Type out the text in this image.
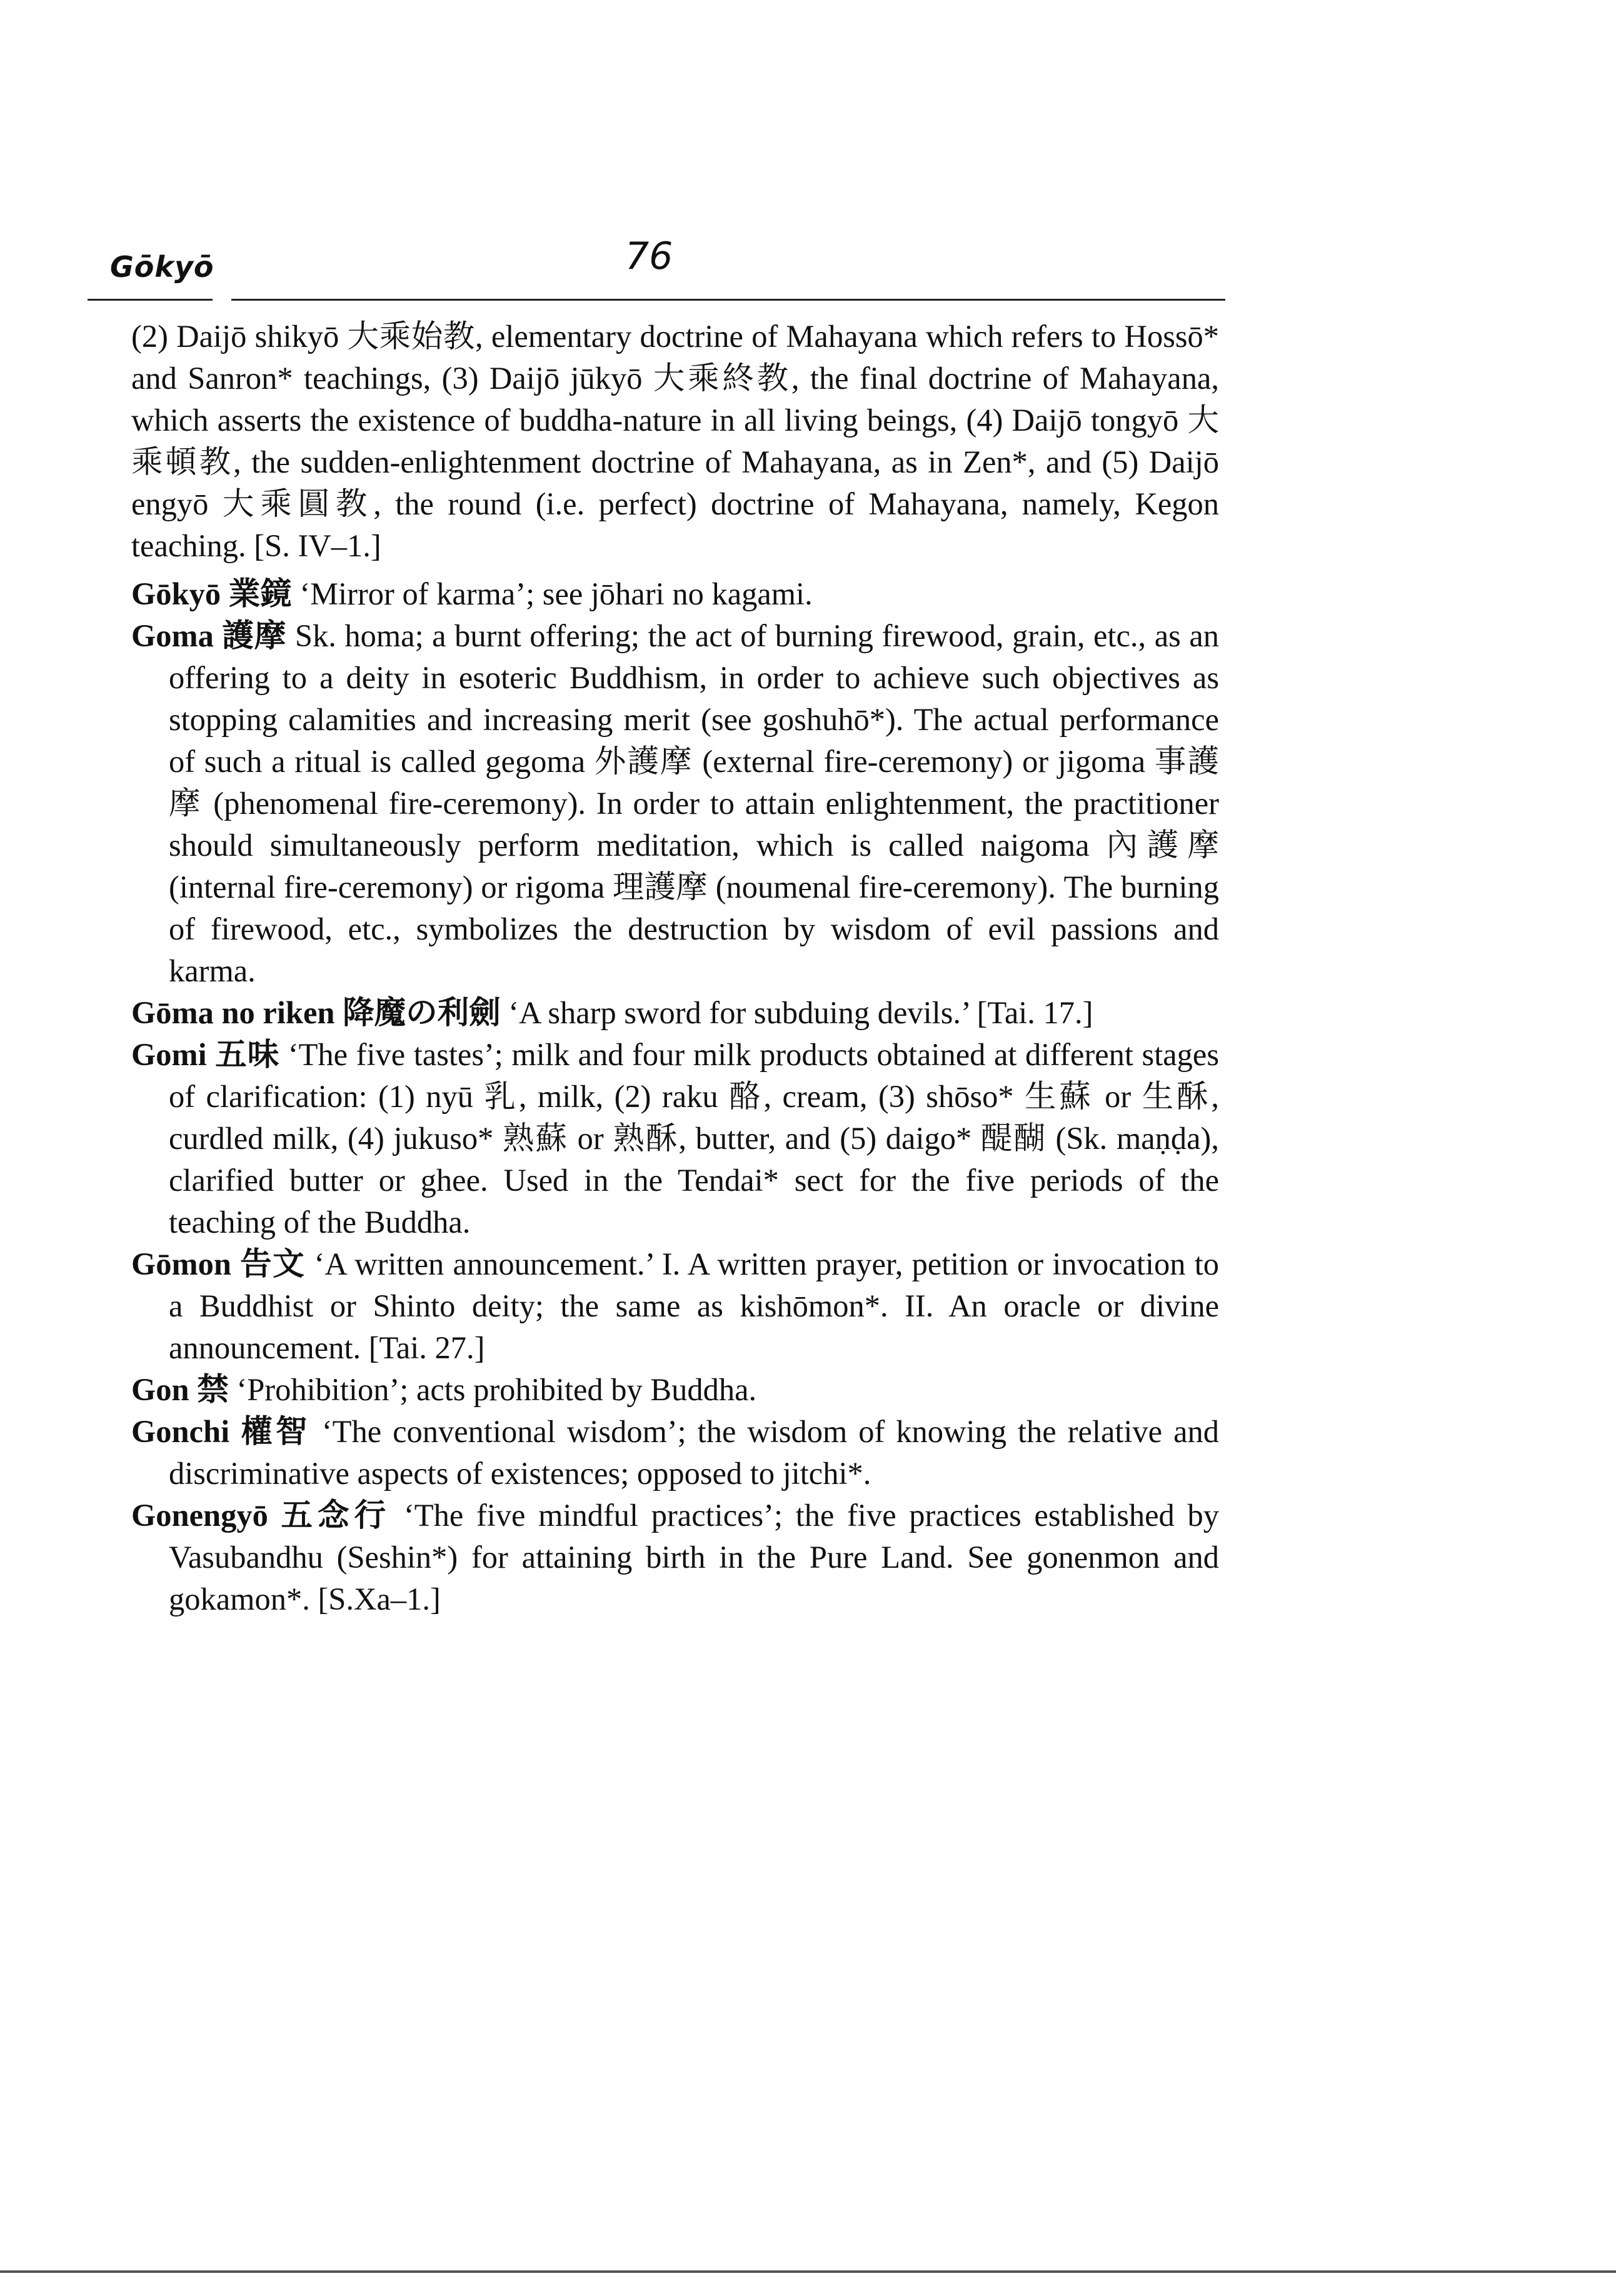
Gōkyō	76

(2) Daijō shikyō 大乘始教, elementary doctrine of Mahayana which refers to Hossō* and Sanron* teachings, (3) Daijō jūkyō 大乘終教, the final doctrine of Mahayana, which asserts the existence of buddha-nature in all living beings, (4) Daijō tongyō 大乘頓教, the sudden-enlightenment doctrine of Mahayana, as in Zen*, and (5) Daijō engyō 大乘圓教, the round (i.e. perfect) doctrine of Mahayana, namely, Kegon teaching. [S. IV–1.]

Gōkyō 業鏡 ‘Mirror of karma’; see jōhari no kagami.

Goma 護摩 Sk. homa; a burnt offering; the act of burning firewood, grain, etc., as an offering to a deity in esoteric Buddhism, in order to achieve such objectives as stopping calamities and increasing merit (see goshuhō*). The actual performance of such a ritual is called gegoma 外護摩 (external fire-ceremony) or jigoma 事護摩 (phenomenal fire-ceremony). In order to attain enlightenment, the practitioner should simultaneously perform meditation, which is called naigoma 內護摩 (internal fire-ceremony) or rigoma 理護摩 (noumenal fire-ceremony). The burning of firewood, etc., symbolizes the destruction by wisdom of evil passions and karma.

Gōma no riken 降魔の利劍 ‘A sharp sword for subduing devils.’ [Tai. 17.]

Gomi 五味 ‘The five tastes’; milk and four milk products obtained at different stages of clarification: (1) nyū 乳, milk, (2) raku 酪, cream, (3) shōso* 生蘇 or 生酥, curdled milk, (4) jukuso* 熟蘇 or 熟酥, butter, and (5) daigo* 醍醐 (Sk. maṇḍa), clarified butter or ghee. Used in the Tendai* sect for the five periods of the teaching of the Buddha.

Gōmon 告文 ‘A written announcement.’ I. A written prayer, petition or invocation to a Buddhist or Shinto deity; the same as kishōmon*. II. An oracle or divine announcement. [Tai. 27.]

Gon 禁 ‘Prohibition’; acts prohibited by Buddha.

Gonchi 權智 ‘The conventional wisdom’; the wisdom of knowing the relative and discriminative aspects of existences; opposed to jitchi*.

Gonengyō 五念行 ‘The five mindful practices’; the five practices established by Vasubandhu (Seshin*) for attaining birth in the Pure Land. See gonenmon and gokamon*. [S.Xa–1.]
